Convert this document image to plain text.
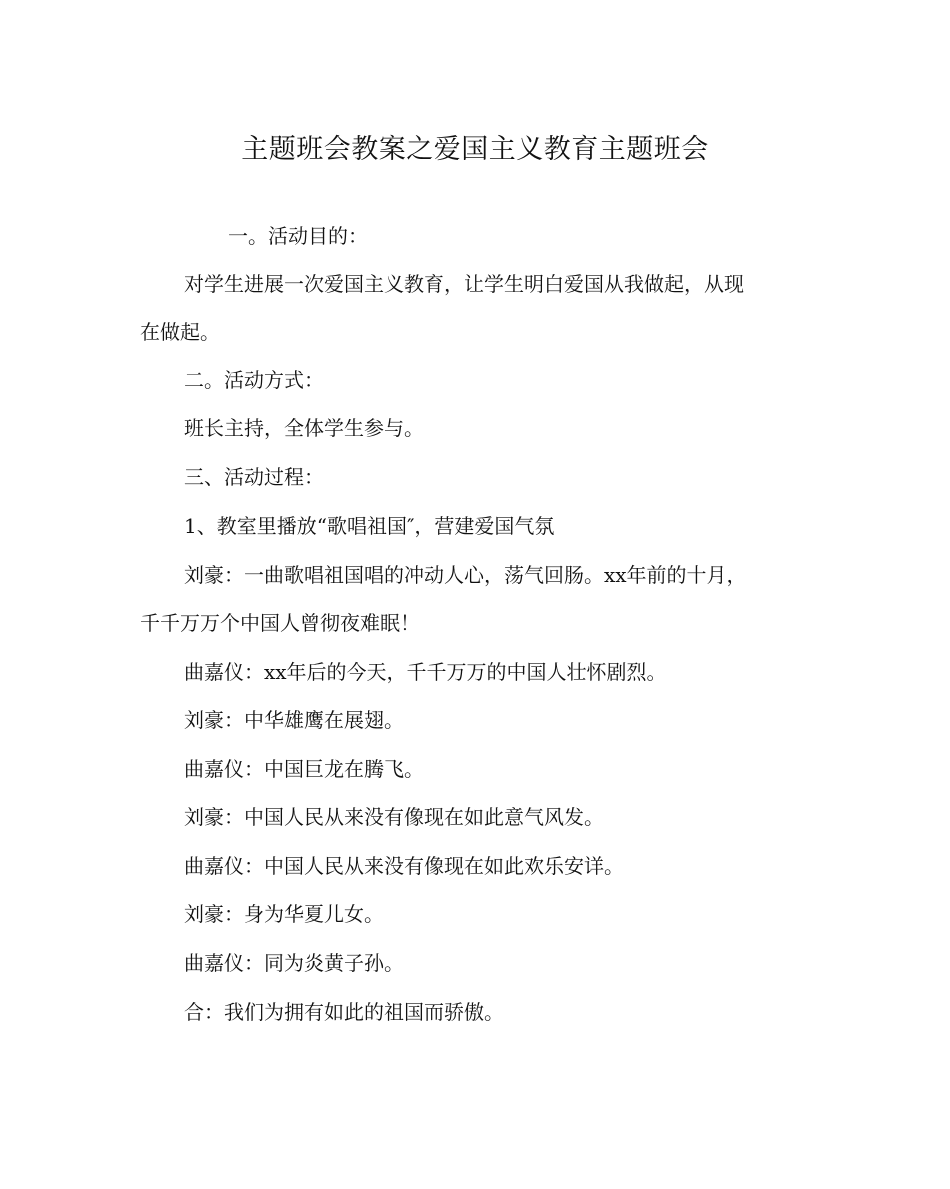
主题班会教案之爱国主义教育主题班会
一。活动目的：
对学生进展一次爱国主义教育，让学生明白爱国从我做起，从现
在做起。
二。活动方式：
班长主持，全体学生参与。
三、活动过程：
1、教室里播放“歌唱祖国″，营建爱国气氛
刘豪：一曲歌唱祖国唱的冲动人心，荡气回肠。xx年前的十月，
千千万万个中国人曾彻夜难眠！
曲嘉仪：xx年后的今天，千千万万的中国人壮怀剧烈。
刘豪：中华雄鹰在展翅。
曲嘉仪：中国巨龙在腾飞。
刘豪：中国人民从来没有像现在如此意气风发。
曲嘉仪：中国人民从来没有像现在如此欢乐安详。
刘豪：身为华夏儿女。
曲嘉仪：同为炎黄子孙。
合：我们为拥有如此的祖国而骄傲。
